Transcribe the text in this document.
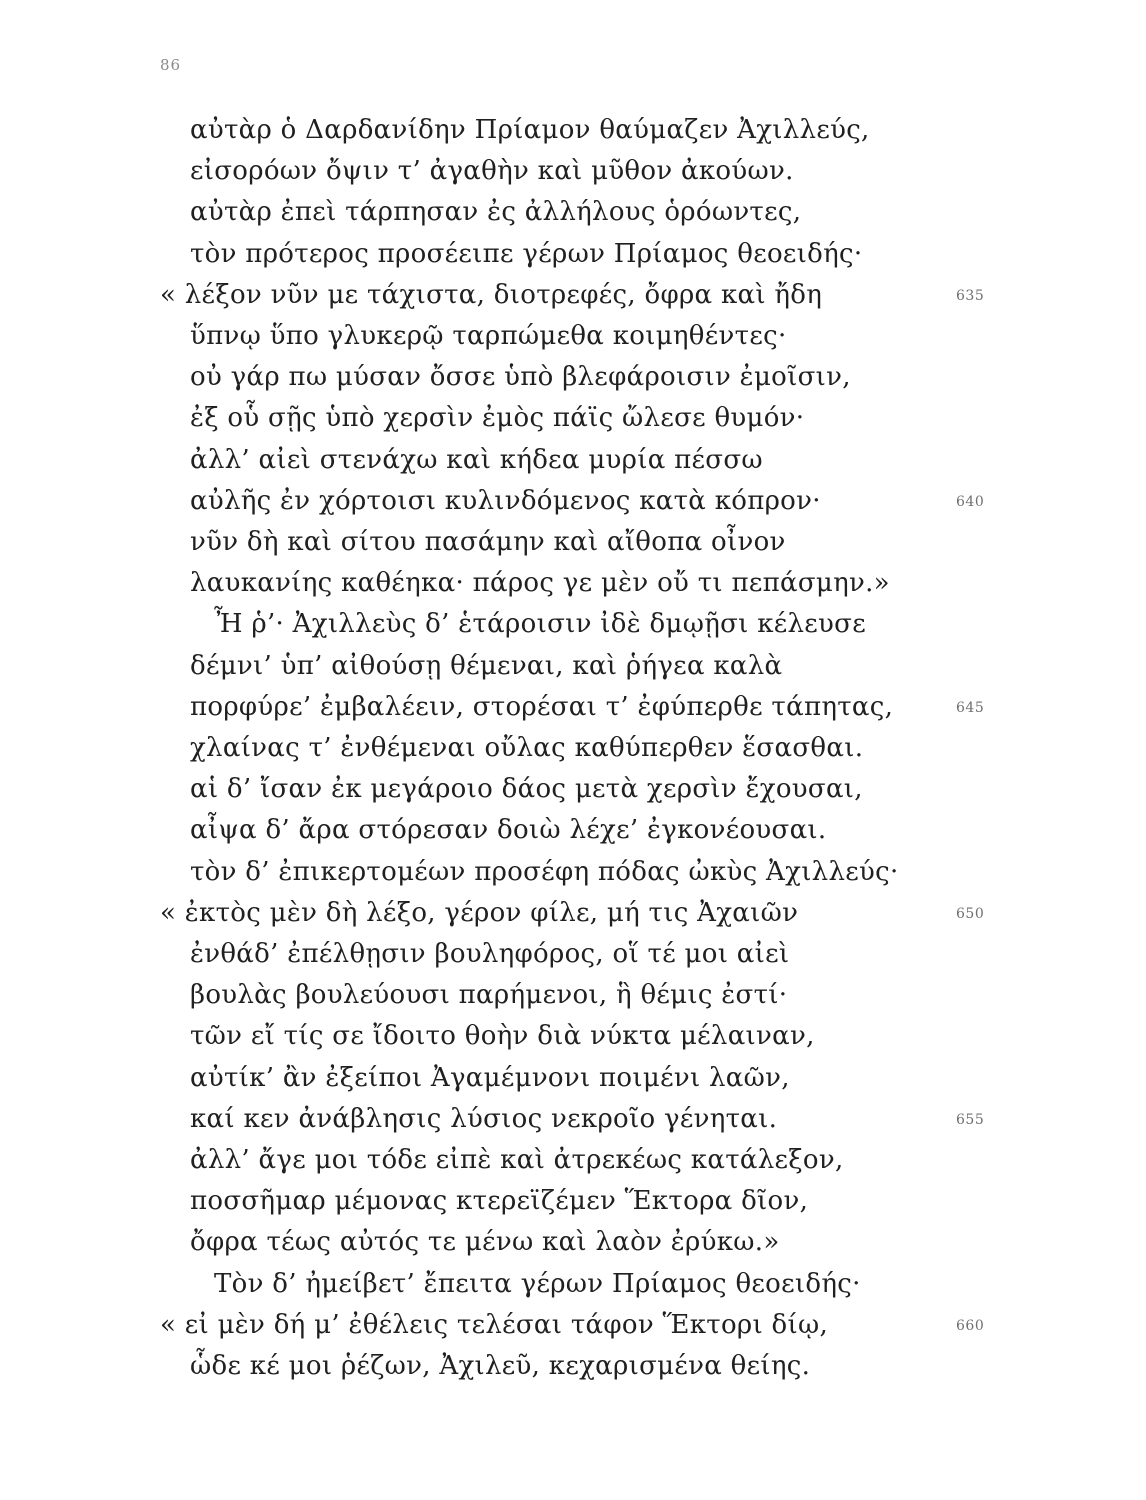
86
αὐτὰρ ὁ Δαρδανίδην Πρίαμον θαύμαζεν Ἀχιλλεύς,
εἰσορόων ὄψιν τ’ ἀγαθὴν καὶ μῦθον ἀκούων.
αὐτὰρ ἐπεὶ τάρπησαν ἐς ἀλλήλους ὁρόωντες,
τὸν πρότερος προσέειπε γέρων Πρίαμος θεοειδής·
« λέξον νῦν με τάχιστα, διοτρεφές, ὄφρα καὶ ἤδη	635
ὕπνῳ ὕπο γλυκερῷ ταρπώμεθα κοιμηθέντες·
οὐ γάρ πω μύσαν ὄσσε ὑπὸ βλεφάροισιν ἐμοῖσιν,
ἐξ οὗ σῇς ὑπὸ χερσὶν ἐμὸς πάϊς ὤλεσε θυμόν·
ἀλλ’ αἰεὶ στενάχω καὶ κήδεα μυρία πέσσω
αὐλῆς ἐν χόρτοισι κυλινδόμενος κατὰ κόπρον·	640
νῦν δὴ καὶ σίτου πασάμην καὶ αἴθοπα οἶνον
λαυκανίης καθέηκα· πάρος γε μὲν οὔ τι πεπάσμην.»
Ἦ ῥ’· Ἀχιλλεὺς δ’ ἑτάροισιν ἰδὲ δμῳῇσι κέλευσε
δέμνι’ ὑπ’ αἰθούσῃ θέμεναι, καὶ ῥήγεα καλὰ
πορφύρε’ ἐμβαλέειν, στορέσαι τ’ ἐφύπερθε τάπητας,	645
χλαίνας τ’ ἐνθέμεναι οὔλας καθύπερθεν ἕσασθαι.
αἱ δ’ ἴσαν ἐκ μεγάροιο δάος μετὰ χερσὶν ἔχουσαι,
αἶψα δ’ ἄρα στόρεσαν δοιὼ λέχε’ ἐγκονέουσαι.
τὸν δ’ ἐπικερτομέων προσέφη πόδας ὠκὺς Ἀχιλλεύς·
« ἐκτὸς μὲν δὴ λέξο, γέρον φίλε, μή τις Ἀχαιῶν	650
ἐνθάδ’ ἐπέλθῃσιν βουληφόρος, οἵ τέ μοι αἰεὶ
βουλὰς βουλεύουσι παρήμενοι, ἣ θέμις ἐστί·
τῶν εἴ τίς σε ἴδοιτο θοὴν διὰ νύκτα μέλαιναν,
αὐτίκ’ ἂν ἐξείποι Ἀγαμέμνονι ποιμένι λαῶν,
καί κεν ἀνάβλησις λύσιος νεκροῖο γένηται.	655
ἀλλ’ ἄγε μοι τόδε εἰπὲ καὶ ἀτρεκέως κατάλεξον,
ποσσῆμαρ μέμονας κτερεϊζέμεν Ἕκτορα δῖον,
ὄφρα τέως αὐτός τε μένω καὶ λαὸν ἐρύκω.»
Τὸν δ’ ἠμείβετ’ ἔπειτα γέρων Πρίαμος θεοειδής·
« εἰ μὲν δή μ’ ἐθέλεις τελέσαι τάφον Ἕκτορι δίῳ,	660
ὧδε κέ μοι ῥέζων, Ἀχιλεῦ, κεχαρισμένα θείης.
